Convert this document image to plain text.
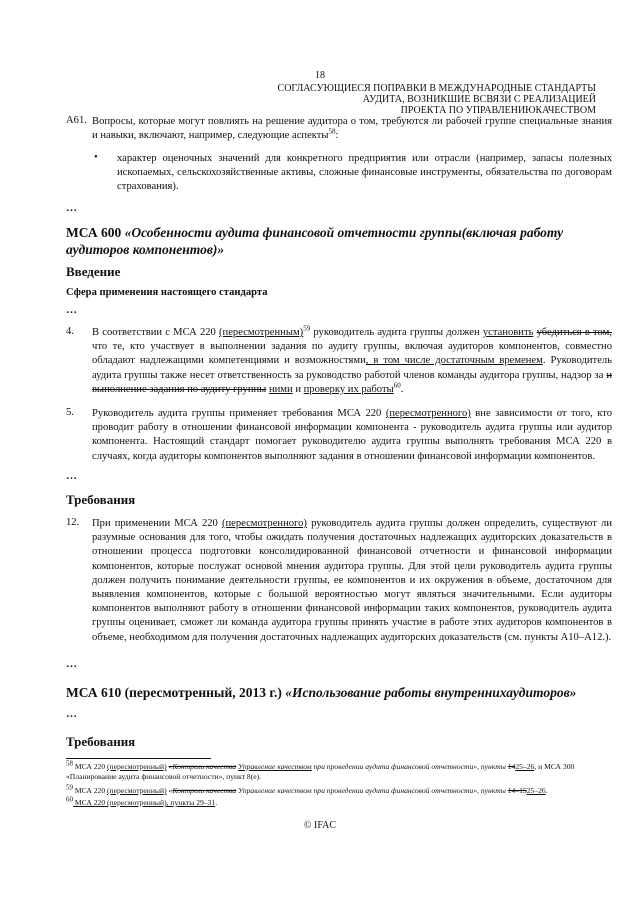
18
СОГЛАСУЮЩИЕСЯ ПОПРАВКИ В МЕЖДУНАРОДНЫЕ СТАНДАРТЫ
АУДИТА, ВОЗНИКШИЕ ВСВЯЗИ С РЕАЛИЗАЦИЕЙ
ПРОЕКТА ПО УПРАВЛЕНИЮКАЧЕСТВОМ
А61. Вопросы, которые могут повлиять на решение аудитора о том, требуются ли рабочей группе специальные знания и навыки, включают, например, следующие аспекты$^{58}$:
• характер оценочных значений для конкретного предприятия или отрасли (например, запасы полезных ископаемых, сельскохозяйственные активы, сложные финансовые инструменты, обязательства по договорам страхования).
…
МСА 600 «Особенности аудита финансовой отчетности группы(включая работу аудиторов компонентов)»
Введение
Сфера применения настоящего стандарта
…
4. В соответствии с МСА 220 (пересмотренным)$^{59}$ руководитель аудита группы должен установить убедиться в том, что те, кто участвует в выполнении задания по аудиту группы, включая аудиторов компонентов, совместно обладают надлежащими компетенциями и возможностями, в том числе достаточным временем. Руководитель аудита группы также несет ответственность за руководство работой членов команды аудитора группы, надзор за и выполнение задания по аудиту группы ними и проверку их работы$^{60}$.
5. Руководитель аудита группы применяет требования МСА 220 (пересмотренного) вне зависимости от того, кто проводит работу в отношении финансовой информации компонента - руководитель аудита группы или аудитор компонента. Настоящий стандарт помогает руководителю аудита группы выполнять требования МСА 220 в случаях, когда аудиторы компонентов выполняют задания в отношении финансовой информации компонентов.
…
Требования
12. При применении МСА 220 (пересмотренного) руководитель аудита группы должен определить, существуют ли разумные основания для того, чтобы ожидать получения достаточных надлежащих аудиторских доказательств в отношении процесса подготовки консолидированной финансовой отчетности и финансовой информации компонентов, которые послужат основой мнения аудитора группы. Для этой цели руководитель аудита группы должен получить понимание деятельности группы, ее компонентов и их окружения в объеме, достаточном для выявления компонентов, которые с большой вероятностью могут являться значительными. Если аудиторы компонентов выполняют работу в отношении финансовой информации таких компонентов, руководитель аудита группы оценивает, сможет ли команда аудитора группы принять участие в работе этих аудиторов компонентов в объеме, необходимом для получения достаточных надлежащих аудиторских доказательств (см. пункты А10–А12.).
…
МСА 610 (пересмотренный, 2013 г.) «Использование работы внутреннихаудиторов»
…
Требования
$^{58}$ МСА 220 (пересмотренный) «Контроль качества Управление качеством при проведении аудита финансовой отчетности», пункты 1425–26, и МСА 300 «Планирование аудита финансовой отчетности», пункт 8(е).
$^{59}$ МСА 220 (пересмотренный) «Контроль качества Управление качеством при проведении аудита финансовой отчетности», пункты 14–1525–26.
$^{60}$ МСА 220 (пересмотренный), пункты 29–31.
© IFAC
